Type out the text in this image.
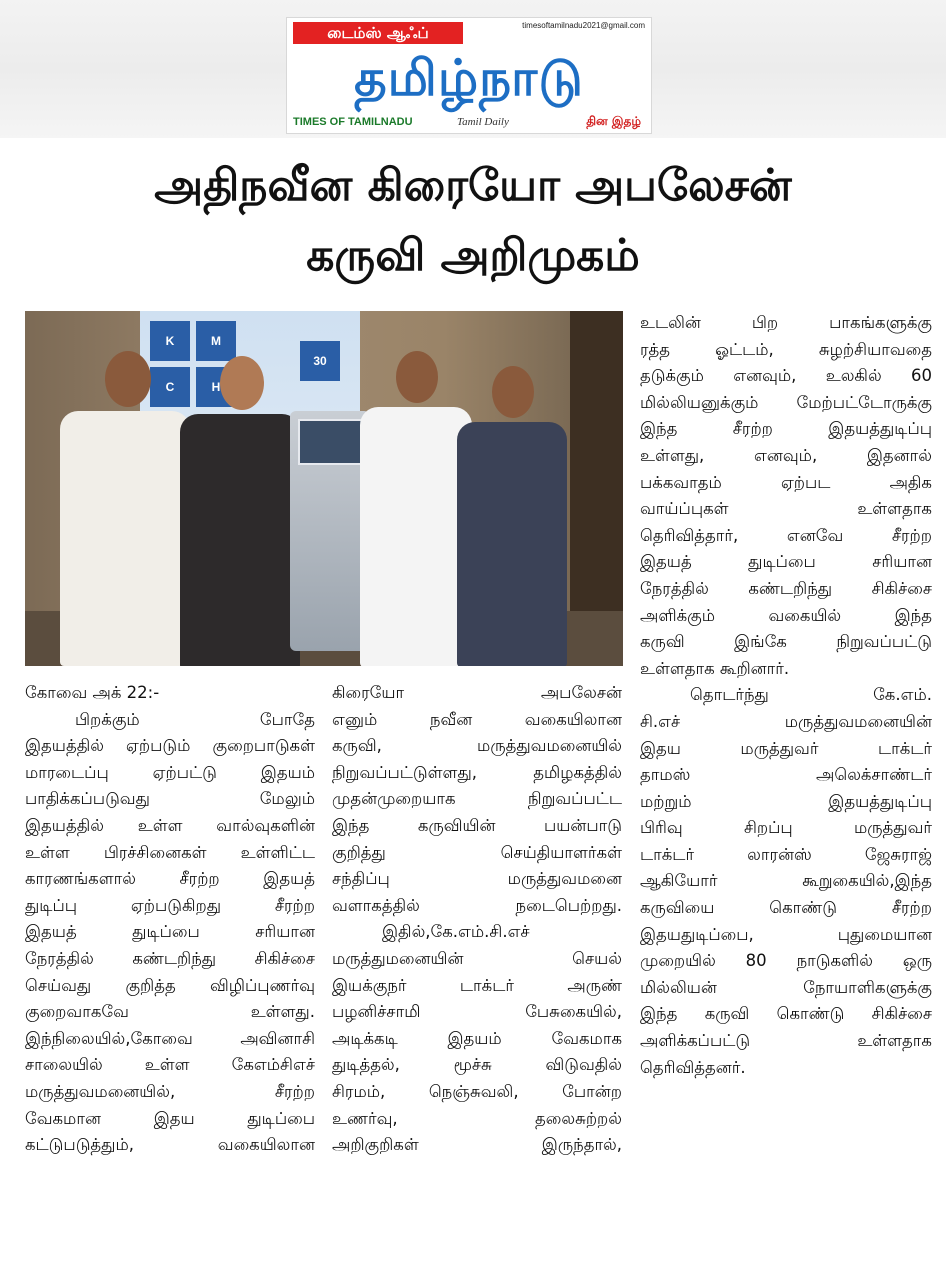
டைம்ஸ் ஆஃப்	timesoftamilnadu2021@gmail.com
தமிழ்நாடு
TIMES OF TAMILNADU	Tamil Daily	தின இதழ்
அதிநவீன கிரையோ அபலேசன்
கருவி அறிமுகம்
K	M
C	H
30

கோவை அக் 22:-

பிறக்கும் போதே

இதயத்தில் ஏற்படும் குறைபாடுகள்

மாரடைப்பு ஏற்பட்டு இதயம்

பாதிக்கப்படுவது மேலும்

இதயத்தில் உள்ள வால்வுகளின்

உள்ள பிரச்சினைகள் உள்ளிட்ட

காரணங்களால் சீரற்ற இதயத்

துடிப்பு ஏற்படுகிறது சீரற்ற

இதயத் துடிப்பை சரியான

நேரத்தில் கண்டறிந்து சிகிச்சை

செய்வது குறித்த விழிப்புணர்வு

குறைவாகவே உள்ளது.

இந்நிலையில்,கோவை அவினாசி

சாலையில் உள்ள கேஎம்சிஎச்

மருத்துவமனையில், சீரற்ற

வேகமான இதய துடிப்பை

கட்டுபடுத்தும், வகையிலான

கிரையோ அபலேசன்

எனும் நவீன வகையிலான

கருவி, மருத்துவமனையில்

நிறுவப்பட்டுள்ளது, தமிழகத்தில்

முதன்முறையாக நிறுவப்பட்ட

இந்த கருவியின் பயன்பாடு

குறித்து செய்தியாளர்கள்

சந்திப்பு மருத்துவமனை

வளாகத்தில் நடைபெற்றது.

இதில்,கே.எம்.சி.எச்

மருத்துமனையின் செயல்

இயக்குநர் டாக்டர் அருண்

பழனிச்சாமி பேசுகையில்,

அடிக்கடி இதயம் வேகமாக

துடித்தல், மூச்சு விடுவதில்

சிரமம், நெஞ்சுவலி, போன்ற

உணர்வு, தலைசுற்றல்

அறிகுறிகள் இருந்தால்,

உடலின் பிற பாகங்களுக்கு

ரத்த ஓட்டம், சுழற்சியாவதை

தடுக்கும் எனவும், உலகில் 60

மில்லியனுக்கும் மேற்பட்டோருக்கு

இந்த சீரற்ற இதயத்துடிப்பு

உள்ளது, எனவும், இதனால்

பக்கவாதம் ஏற்பட அதிக

வாய்ப்புகள் உள்ளதாக

தெரிவித்தார், எனவே சீரற்ற

இதயத் துடிப்பை சரியான

நேரத்தில் கண்டறிந்து சிகிச்சை

அளிக்கும் வகையில் இந்த

கருவி இங்கே நிறுவப்பட்டு

உள்ளதாக கூறினார்.

தொடர்ந்து கே.எம்.

சி.எச் மருத்துவமனையின்

இதய மருத்துவர் டாக்டர்

தாமஸ் அலெக்சாண்டர்

மற்றும் இதயத்துடிப்பு

பிரிவு சிறப்பு மருத்துவர்

டாக்டர் லாரன்ஸ் ஜேசுராஜ்

ஆகியோர் கூறுகையில்,இந்த

கருவியை கொண்டு சீரற்ற

இதயதுடிப்பை, புதுமையான

முறையில் 80 நாடுகளில் ஒரு

மில்லியன் நோயாளிகளுக்கு

இந்த கருவி கொண்டு சிகிச்சை

அளிக்கப்பட்டு உள்ளதாக

தெரிவித்தனர்.
